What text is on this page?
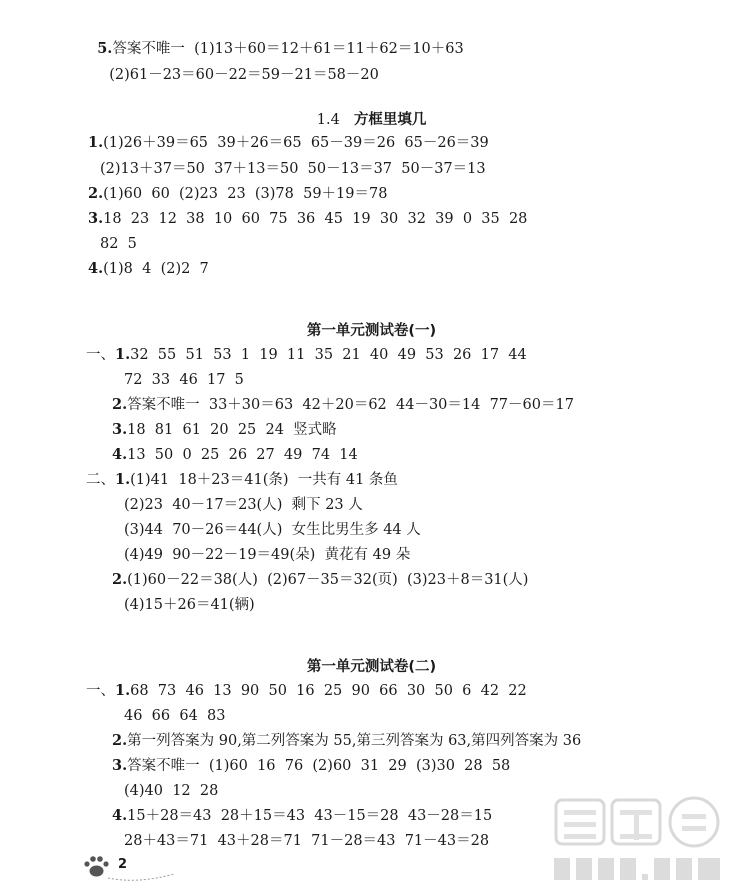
5.答案不唯一  (1)13＋60＝12＋61＝11＋62＝10＋63

(2)61－23＝60－22＝59－21＝58－20

1.4 方框里填几

1.(1)26＋39＝65  39＋26＝65  65－39＝26  65－26＝39
(2)13＋37＝50  37＋13＝50  50－13＝37  50－37＝13
2.(1)60  60  (2)23  23  (3)78  59＋19＝78
3.18  23  12  38  10  60  75  36  45  19  30  32  39  0  35  28
82  5
4.(1)8  4  (2)2  7

第一单元测试卷(一)

一、1.32  55  51  53  1  19  11  35  21  40  49  53  26  17  44
72  33  46  17  5
2.答案不唯一  33＋30＝63  42＋20＝62  44－30＝14  77－60＝17
3.18  81  61  20  25  24  竖式略
4.13  50  0  25  26  27  49  74  14
二、1.(1)41  18＋23＝41(条)  一共有 41 条鱼
(2)23  40－17＝23(人)  剩下 23 人
(3)44  70－26＝44(人)  女生比男生多 44 人
(4)49  90－22－19＝49(朵)  黄花有 49 朵
2.(1)60－22＝38(人)  (2)67－35＝32(页)  (3)23＋8＝31(人)
(4)15＋26＝41(辆)

第一单元测试卷(二)

一、1.68  73  46  13  90  50  16  25  90  66  30  50  6  42  22
46  66  64  83
2.第一列答案为 90,第二列答案为 55,第三列答案为 63,第四列答案为 36
3.答案不唯一  (1)60  16  76  (2)60  31  29  (3)30  28  58
(4)40  12  28
4.15＋28＝43  28＋15＝43  43－15＝28  43－28＝15
28＋43＝71  43＋28＝71  71－28＝43  71－43＝28
2
